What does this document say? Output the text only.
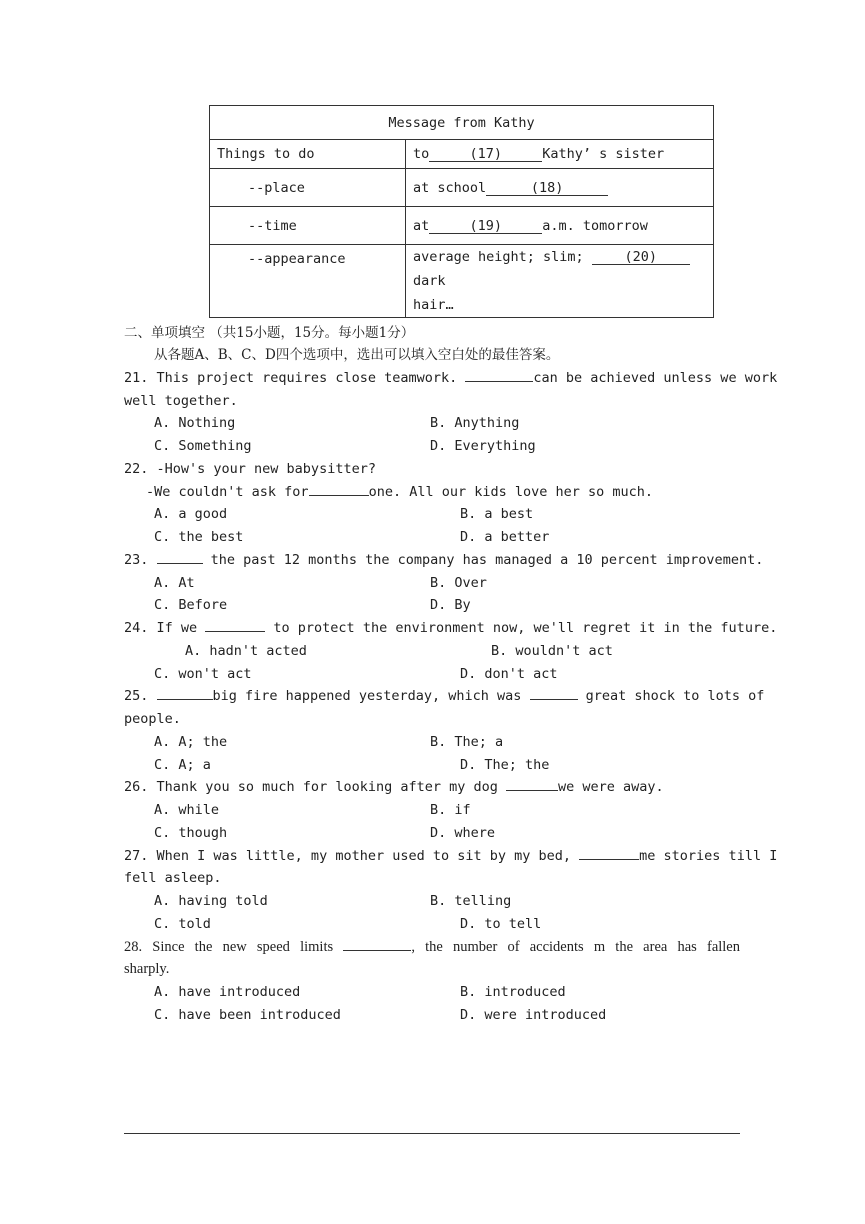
Message from Kathy	
Things to do	to (17) Kathy’ s sister
--place	at school (18)
--time	at (19) a.m. tomorrow
--appearance	average height; slim; (20) dark
hair…
二、单项填空 （共15小题，15分。每小题1分）
从各题A、B、C、D四个选项中，选出可以填入空白处的最佳答案。
21. This project requires close teamwork.	can be achieved unless we work
well together.
A. Nothing	B. Anything
C. Something	D. Everything
22. -How's your new babysitter?
-We couldn't ask for	one. All our kids love her so much.
A. a good	B. a best
C. the best	D. a better
23.	the past 12 months the company has managed a 10 percent improvement.
A. At	B. Over
C. Before	D. By
24. If we	to protect the environment now, we'll regret it in the future.
A. hadn't acted	B. wouldn't act
C. won't act	D. don't act
25.	big fire happened yesterday, which was	great shock to lots of
people.
A. A; the	B. The; a
C. A; a	D. The; the
26. Thank you so much for looking after my dog	we were away.
A. while	B. if
C. though	D. where
27. When I was little, my mother used to sit by my bed,	me stories till I
fell asleep.
A. having told	B. telling
C. told	D. to tell
28. Since the new speed limits	, the number of accidents m the area has fallen
sharply.
A. have introduced	B. introduced
C. have been introduced	D. were introduced
